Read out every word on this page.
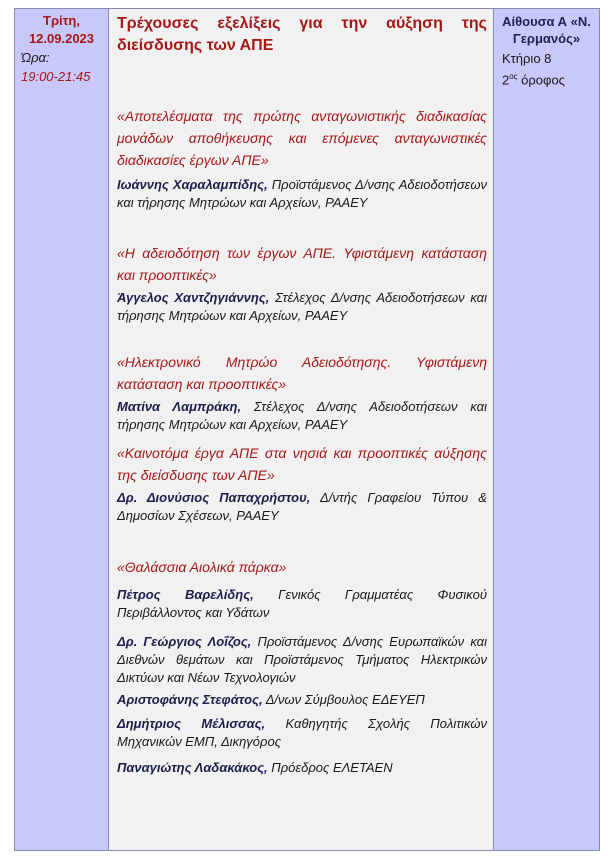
Τρίτη,
12.09.2023
Ώρα:
19:00-21:45
Τρέχουσες εξελίξεις για την αύξηση της διείσδυσης των ΑΠΕ
«Αποτελέσματα της πρώτης ανταγωνιστικής διαδικασίας μονάδων αποθήκευσης και επόμενες ανταγωνιστικές διαδικασίες έργων ΑΠΕ»
Ιωάννης Χαραλαμπίδης, Προϊστάμενος Δ/νσης Αδειοδοτήσεων και τήρησης Μητρώων και Αρχείων, ΡΑΑΕΥ
«Η αδειοδότηση των έργων ΑΠΕ. Υφιστάμενη κατάσταση και προοπτικές»
Άγγελος Χαντζηγιάννης, Στέλεχος Δ/νσης Αδειοδοτήσεων και τήρησης Μητρώων και Αρχείων, ΡΑΑΕΥ
«Ηλεκτρονικό Μητρώο Αδειοδότησης. Υφιστάμενη κατάσταση και προοπτικές»
Ματίνα Λαμπράκη, Στέλεχος Δ/νσης Αδειοδοτήσεων και τήρησης Μητρώων και Αρχείων, ΡΑΑΕΥ
«Καινοτόμα έργα ΑΠΕ στα νησιά και προοπτικές αύξησης της διείσδυσης των ΑΠΕ»
Δρ. Διονύσιος Παπαχρήστου, Δ/ντής Γραφείου Τύπου & Δημοσίων Σχέσεων, ΡΑΑΕΥ
«Θαλάσσια Αιολικά πάρκα»
Πέτρος Βαρελίδης, Γενικός Γραμματέας Φυσικού Περιβάλλοντος και Υδάτων
Δρ. Γεώργιος Λοΐζος, Προϊστάμενος Δ/νσης Ευρωπαϊκών και Διεθνών θεμάτων και Προϊστάμενος Τμήματος Ηλεκτρικών Δικτύων και Νέων Τεχνολογιών
Αριστοφάνης Στεφάτος, Δ/νων Σύμβουλος ΕΔΕΥΕΠ
Δημήτριος Μέλισσας, Καθηγητής Σχολής Πολιτικών Μηχανικών ΕΜΠ, Δικηγόρος
Παναγιώτης Λαδακάκος, Πρόεδρος ΕΛΕΤΑΕΝ
Αίθουσα Α «Ν. Γερμανός»
Κτήριο 8
$2^{o\varsigma}$ όροφος
